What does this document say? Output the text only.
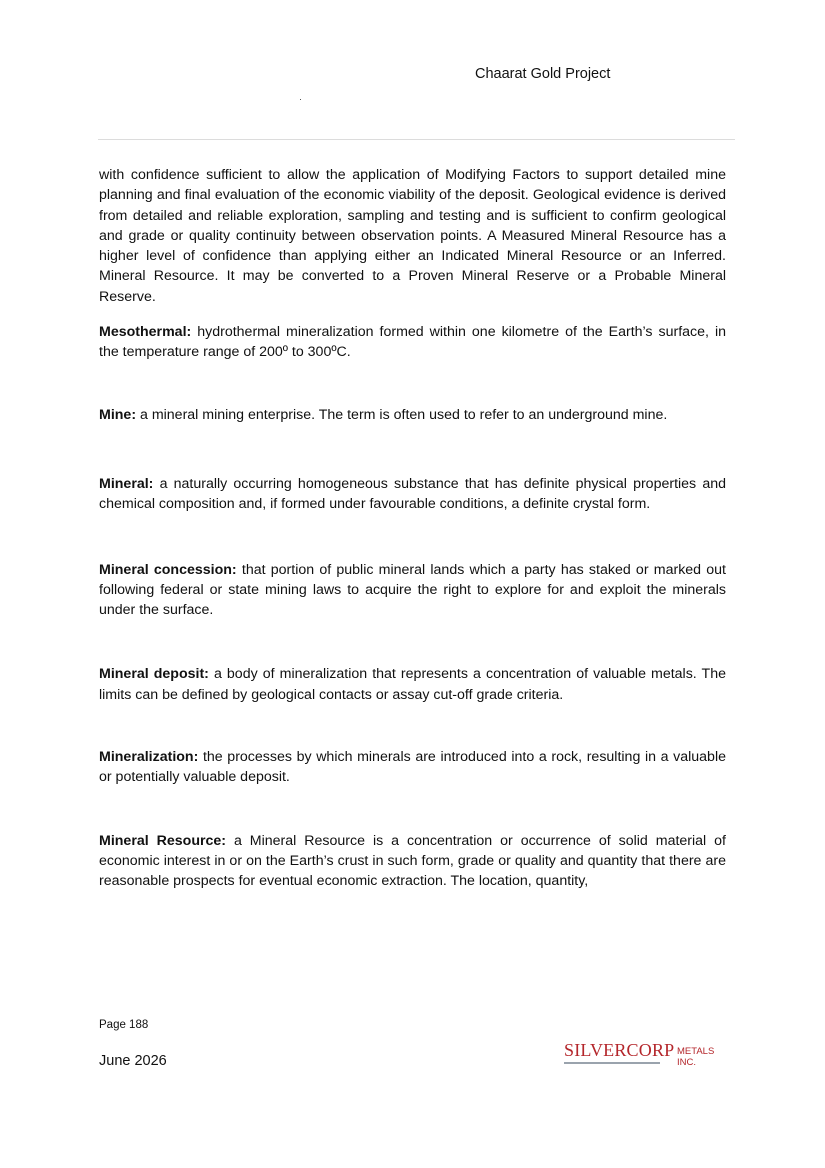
Chaarat Gold Project

with confidence sufficient to allow the application of Modifying Factors to support detailed mine planning and final evaluation of the economic viability of the deposit. Geological evidence is derived from detailed and reliable exploration, sampling and testing and is sufficient to confirm geological and grade or quality continuity between observation points. A Measured Mineral Resource has a higher level of confidence than applying either an Indicated Mineral Resource or an Inferred. Mineral Resource. It may be converted to a Proven Mineral Reserve or a Probable Mineral Reserve.

Mesothermal: hydrothermal mineralization formed within one kilometre of the Earth’s surface, in the temperature range of 200º to 300ºC.

Mine: a mineral mining enterprise. The term is often used to refer to an underground mine.

Mineral: a naturally occurring homogeneous substance that has definite physical properties and chemical composition and, if formed under favourable conditions, a definite crystal form.

Mineral concession: that portion of public mineral lands which a party has staked or marked out following federal or state mining laws to acquire the right to explore for and exploit the minerals under the surface.

Mineral deposit: a body of mineralization that represents a concentration of valuable metals. The limits can be defined by geological contacts or assay cut-off grade criteria.

Mineralization: the processes by which minerals are introduced into a rock, resulting in a valuable or potentially valuable deposit.

Mineral Resource: a Mineral Resource is a concentration or occurrence of solid material of economic interest in or on the Earth’s crust in such form, grade or quality and quantity that there are reasonable prospects for eventual economic extraction. The location, quantity,

Page 188
June 2026
SILVERCORP METALS INC.
